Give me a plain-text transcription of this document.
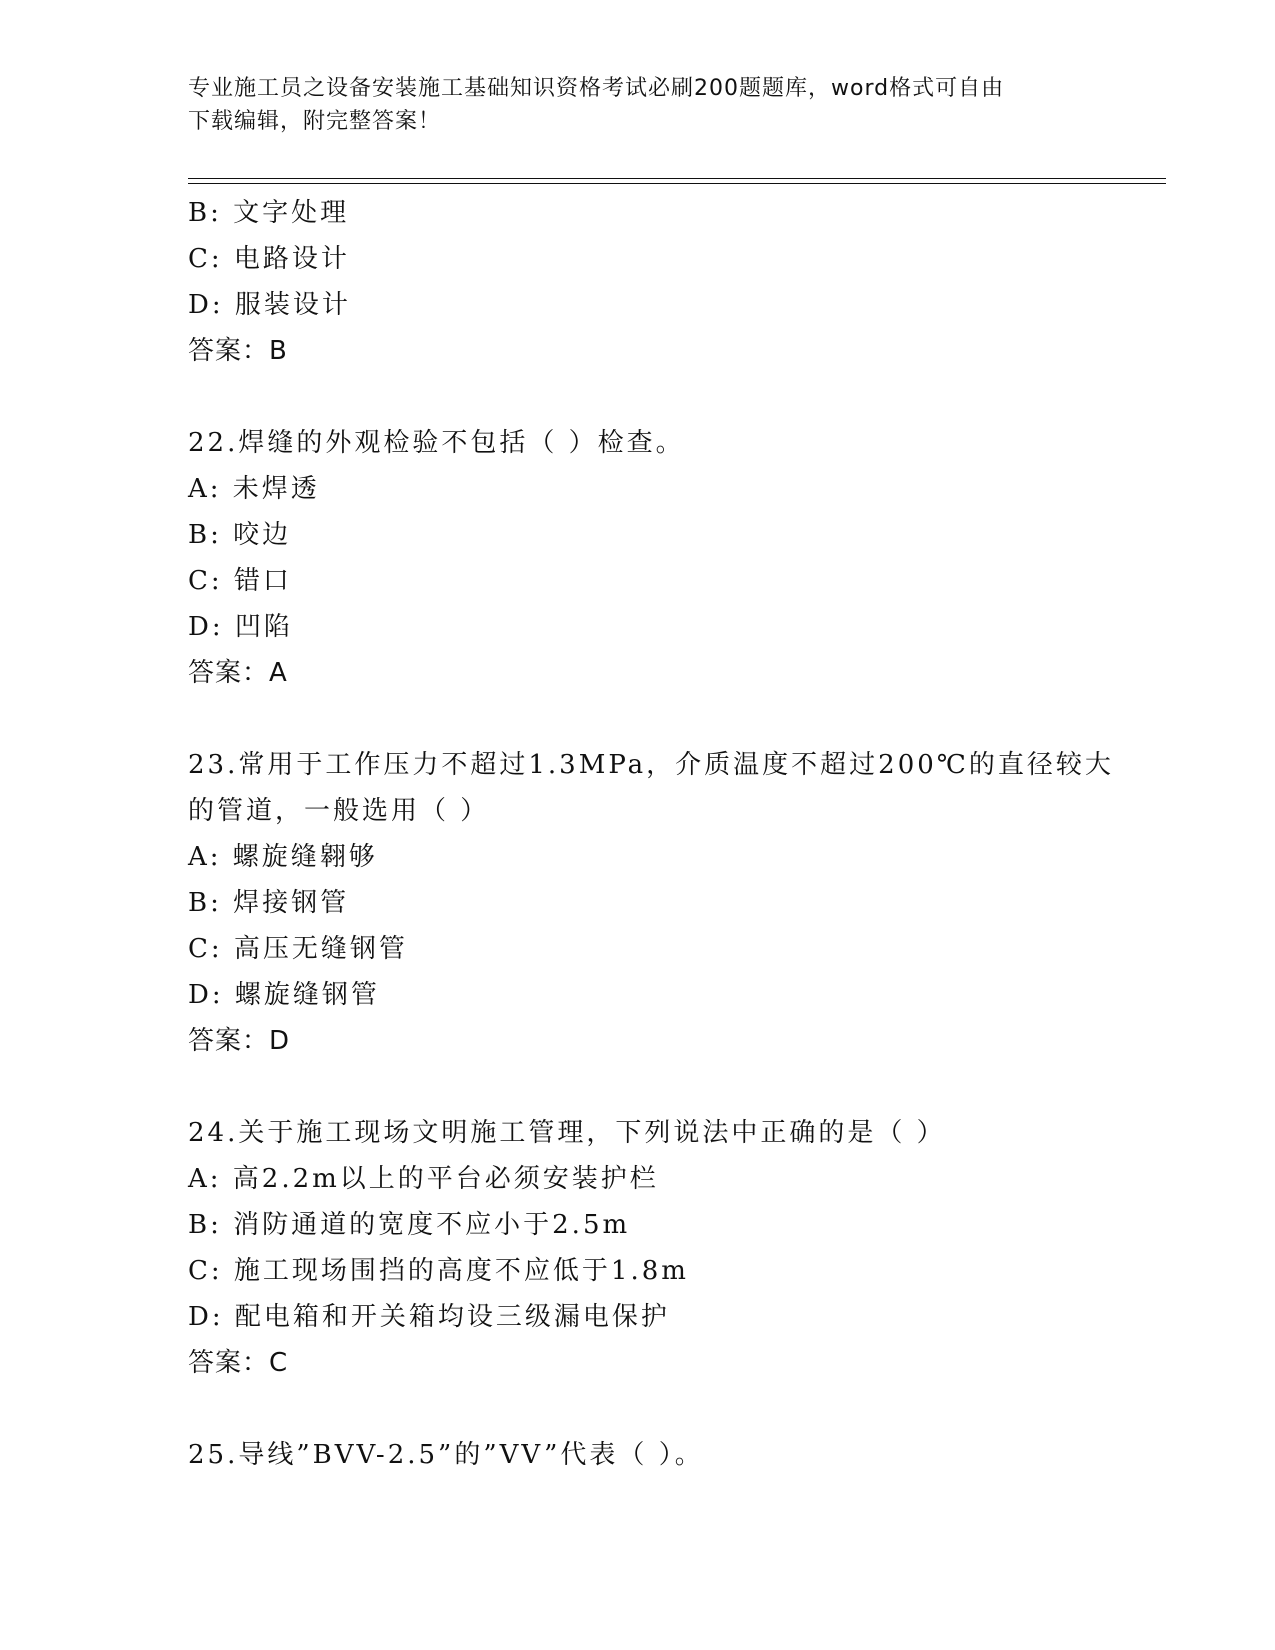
专业施工员之设备安装施工基础知识资格考试必刷200题题库，word格式可自由
下载编辑，附完整答案！
B: 文字处理
C: 电路设计
D: 服装设计
答案：B
22.焊缝的外观检验不包括（ ）检查。
A: 未焊透
B: 咬边
C: 错口
D: 凹陷
答案：A
23.常用于工作压力不超过1.3MPa，介质温度不超过200℃的直径较大
的管道，一般选用（ ）
A: 螺旋缝翱够
B: 焊接钢管
C: 高压无缝钢管
D: 螺旋缝钢管
答案：D
24.关于施工现场文明施工管理，下列说法中正确的是（ ）
A: 高2.2m以上的平台必须安装护栏
B: 消防通道的宽度不应小于2.5m
C: 施工现场围挡的高度不应低于1.8m
D: 配电箱和开关箱均设三级漏电保护
答案：C
25.导线”BVV-2.5”的”VV”代表（ ）。
